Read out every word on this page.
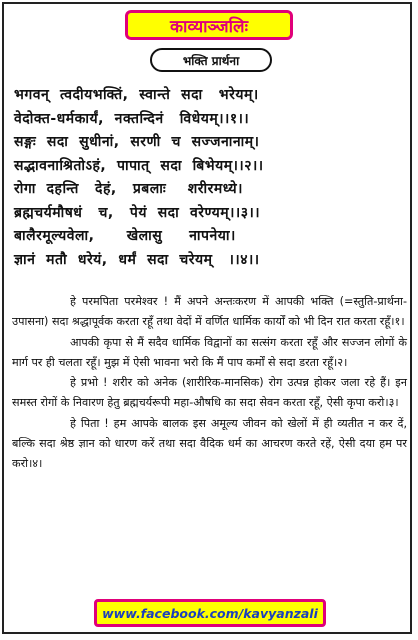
काव्याञ्जलिः
भक्ति प्रार्थना
भगवन्  त्वदीयभक्तिं,  स्वान्ते  सदा   भरेयम्।
वेदोक्त-धर्मकार्यं,  नक्तन्दिनं   विधेयम्।।१।।
सङ्गः  सदा  सुधीनां,  सरणी  च  सज्जनानाम्।
सद्भावनाश्रितोऽहं,  पापात्  सदा  बिभेयम्।।२।।
रोगा  दहन्ति   देहं,   प्रबलाः    शरीरमध्ये।
ब्रह्मचर्यमौषधं   च,   पेयं  सदा  वरेण्यम्।।३।।
बालैरमूल्यवेला,      खेलासु     नापनेया।
ज्ञानं  मतौ  धरेयं,  धर्मं  सदा  चरेयम्   ।।४।।

हे परमपिता परमेश्वर ! मैं अपने अन्तःकरण में आपकी भक्ति (=स्तुति-प्रार्थना-उपासना) सदा श्रद्धापूर्वक करता रहूँ तथा वेदों में वर्णित धार्मिक कार्यों को भी दिन रात करता रहूँ।१।

आपकी कृपा से मैं सदैव धार्मिक विद्वानों का सत्संग करता रहूँ और सज्जन लोगों के मार्ग पर ही चलता रहूँ। मुझ में ऐसी भावना भरो कि मैं पाप कर्मों से सदा डरता रहूँ।२।

हे प्रभो ! शरीर को अनेक (शारीरिक-मानसिक) रोग उत्पन्न होकर जला रहे हैं। इन समस्त रोगों के निवारण हेतु ब्रह्मचर्यरूपी महा-औषधि का सदा सेवन करता रहूँ, ऐसी कृपा करो।३।

हे पिता ! हम आपके बालक इस अमूल्य जीवन को खेलों में ही व्यतीत न कर दें, बल्कि सदा श्रेष्ठ ज्ञान को धारण करें तथा सदा वैदिक धर्म का आचरण करते रहें, ऐसी दया हम पर करो।४।

www.facebook.com/kavyanzali
